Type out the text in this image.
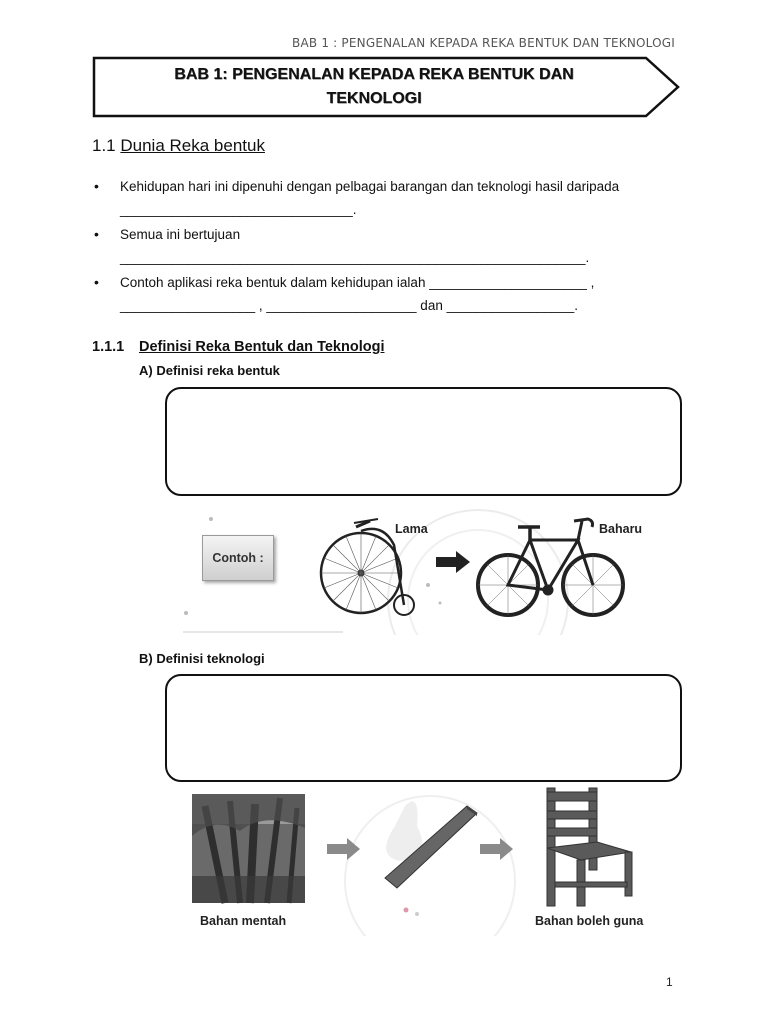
BAB 1 : PENGENALAN KEPADA REKA BENTUK DAN TEKNOLOGI
BAB 1: PENGENALAN KEPADA REKA BENTUK DAN
TEKNOLOGI
1.1 Dunia Reka bentuk
• Kehidupan hari ini dipenuhi dengan pelbagai barangan dan teknologi hasil daripada
_______________________________.
• Semua ini bertujuan
______________________________________________________________.
• Contoh aplikasi reka bentuk dalam kehidupan ialah _____________________ ,
__________________ , ____________________ dan _________________.
1.1.1 Definisi Reka Bentuk dan Teknologi
A) Definisi reka bentuk
Contoh :
Lama	Baharu
B) Definisi teknologi
Bahan mentah	Bahan boleh guna
1
